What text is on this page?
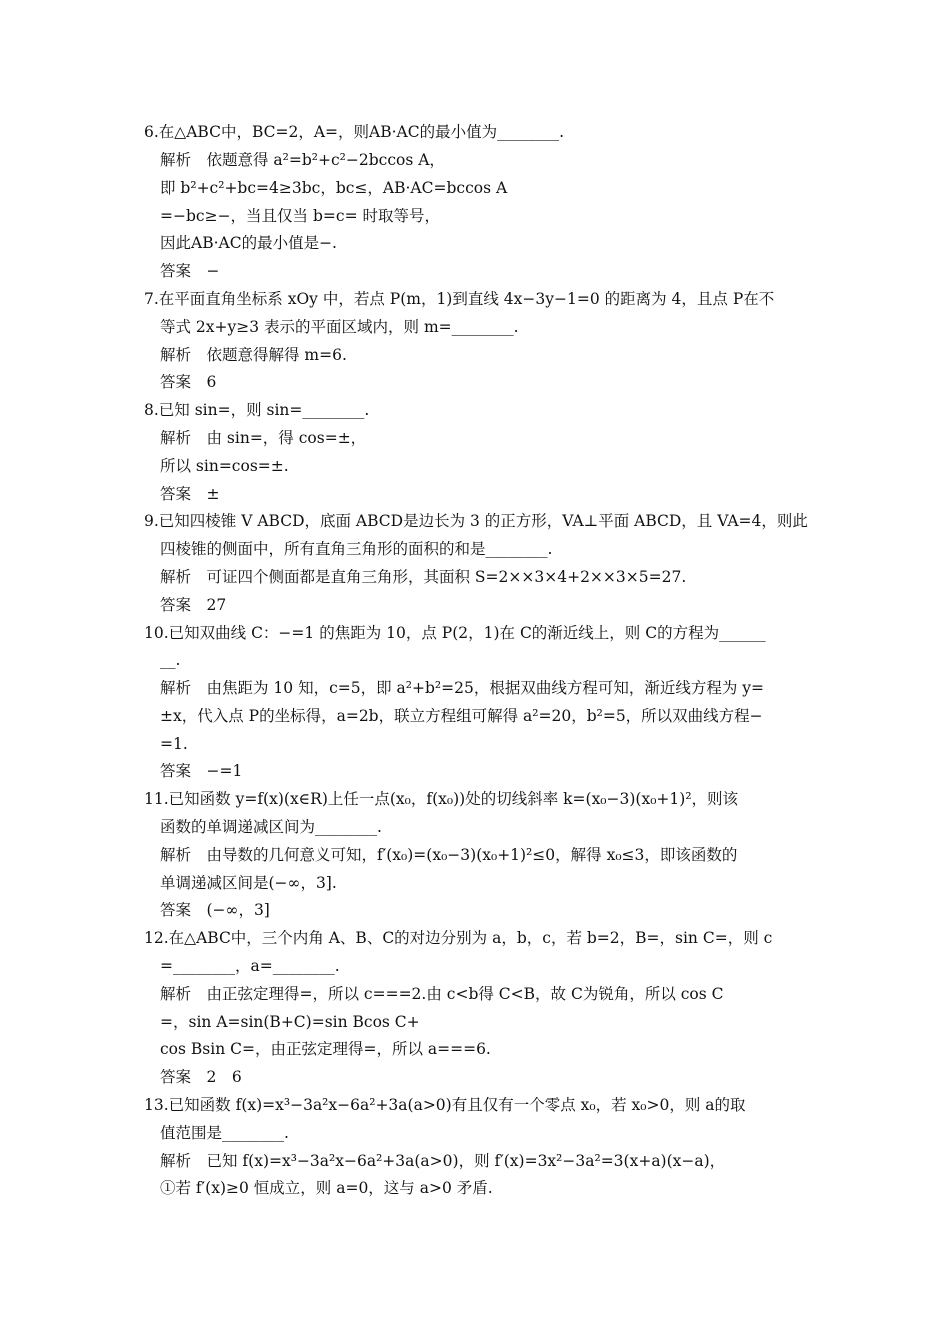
6.在△ABC中，BC=2，A=，则AB·AC的最小值为________.
解析　依题意得 a²=b²+c²−2bccos A，
即 b²+c²+bc=4≥3bc，bc≤，AB·AC=bccos A
=−bc≥−，当且仅当 b=c= 时取等号，
因此AB·AC的最小值是−.
答案　−
7.在平面直角坐标系 xOy 中，若点 P(m，1)到直线 4x−3y−1=0 的距离为 4，且点 P在不
等式 2x+y≥3 表示的平面区域内，则 m=________.
解析　依题意得解得 m=6.
答案　6
8.已知 sin=，则 sin=________.
解析　由 sin=，得 cos=±，
所以 sin=cos=±.
答案　±
9.已知四棱锥 V ABCD，底面 ABCD是边长为 3 的正方形，VA⊥平面 ABCD，且 VA=4，则此
四棱锥的侧面中，所有直角三角形的面积的和是________.
解析　可证四个侧面都是直角三角形，其面积 S=2××3×4+2××3×5=27.
答案　27
10.已知双曲线 C：−=1 的焦距为 10，点 P(2，1)在 C的渐近线上，则 C的方程为______
__.
解析　由焦距为 10 知，c=5，即 a²+b²=25，根据双曲线方程可知，渐近线方程为 y=
±x，代入点 P的坐标得，a=2b，联立方程组可解得 a²=20，b²=5，所以双曲线方程−
=1.
答案　−=1
11.已知函数 y=f(x)(x∈R)上任一点(x₀，f(x₀))处的切线斜率 k=(x₀−3)(x₀+1)²，则该
函数的单调递减区间为________.
解析　由导数的几何意义可知，f′(x₀)=(x₀−3)(x₀+1)²≤0，解得 x₀≤3，即该函数的
单调递减区间是(−∞，3].
答案　(−∞，3]
12.在△ABC中，三个内角 A、B、C的对边分别为 a，b，c，若 b=2，B=，sin C=，则 c
=________，a=________.
解析　由正弦定理得=，所以 c===2.由 c<b得 C<B，故 C为锐角，所以 cos C
=，sin A=sin(B+C)=sin Bcos C+
cos Bsin C=，由正弦定理得=，所以 a===6.
答案　2　6
13.已知函数 f(x)=x³−3a²x−6a²+3a(a>0)有且仅有一个零点 x₀，若 x₀>0，则 a的取
值范围是________.
解析　已知 f(x)=x³−3a²x−6a²+3a(a>0)，则 f′(x)=3x²−3a²=3(x+a)(x−a)，
①若 f′(x)≥0 恒成立，则 a=0，这与 a>0 矛盾.
